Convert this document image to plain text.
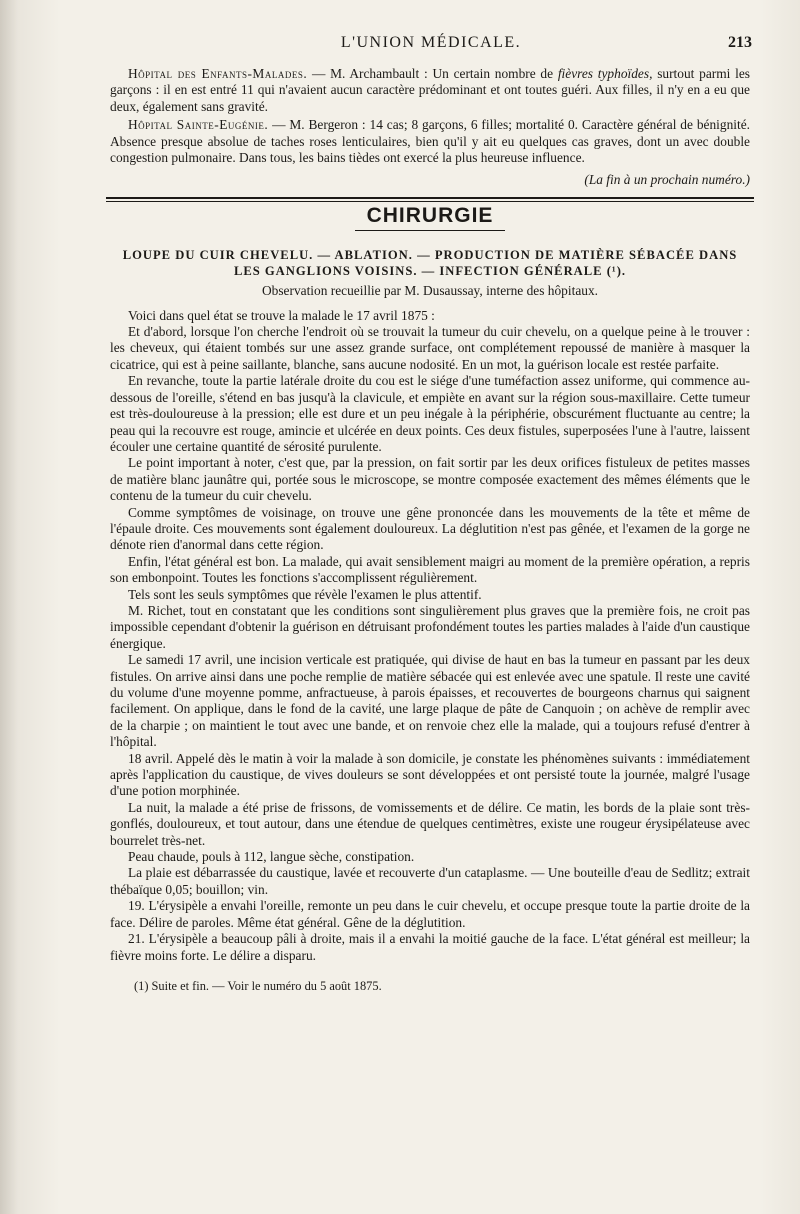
L'UNION MÉDICALE.	213

Hôpital des Enfants-Malades. — M. Archambault : Un certain nombre de fièvres typhoïdes, surtout parmi les garçons : il en est entré 11 qui n'avaient aucun caractère prédominant et ont toutes guéri. Aux filles, il n'y en a eu que deux, également sans gravité.

Hôpital Sainte-Eugénie. — M. Bergeron : 14 cas; 8 garçons, 6 filles; mortalité 0. Caractère général de bénignité. Absence presque absolue de taches roses lenticulaires, bien qu'il y ait eu quelques cas graves, dont un avec double congestion pulmonaire. Dans tous, les bains tièdes ont exercé la plus heureuse influence.

(La fin à un prochain numéro.)

CHIRURGIE
LOUPE DU CUIR CHEVELU. — ABLATION. — PRODUCTION DE MATIÈRE SÉBACÉE DANS
LES GANGLIONS VOISINS. — INFECTION GÉNÉRALE (¹).

Observation recueillie par M. Dusaussay, interne des hôpitaux.

Voici dans quel état se trouve la malade le 17 avril 1875 :

Et d'abord, lorsque l'on cherche l'endroit où se trouvait la tumeur du cuir chevelu, on a quelque peine à le trouver : les cheveux, qui étaient tombés sur une assez grande surface, ont complétement repoussé de manière à masquer la cicatrice, qui est à peine saillante, blanche, sans aucune nodosité. En un mot, la guérison locale est restée parfaite.

En revanche, toute la partie latérale droite du cou est le siége d'une tuméfaction assez uniforme, qui commence au-dessous de l'oreille, s'étend en bas jusqu'à la clavicule, et empiète en avant sur la région sous-maxillaire. Cette tumeur est très-douloureuse à la pression; elle est dure et un peu inégale à la périphérie, obscurément fluctuante au centre; la peau qui la recouvre est rouge, amincie et ulcérée en deux points. Ces deux fistules, superposées l'une à l'autre, laissent écouler une certaine quantité de sérosité purulente.

Le point important à noter, c'est que, par la pression, on fait sortir par les deux orifices fistuleux de petites masses de matière blanc jaunâtre qui, portée sous le microscope, se montre composée exactement des mêmes éléments que le contenu de la tumeur du cuir chevelu.

Comme symptômes de voisinage, on trouve une gêne prononcée dans les mouvements de la tête et même de l'épaule droite. Ces mouvements sont également douloureux. La déglutition n'est pas gênée, et l'examen de la gorge ne dénote rien d'anormal dans cette région.

Enfin, l'état général est bon. La malade, qui avait sensiblement maigri au moment de la première opération, a repris son embonpoint. Toutes les fonctions s'accomplissent régulièrement.

Tels sont les seuls symptômes que révèle l'examen le plus attentif.

M. Richet, tout en constatant que les conditions sont singulièrement plus graves que la première fois, ne croit pas impossible cependant d'obtenir la guérison en détruisant profondément toutes les parties malades à l'aide d'un caustique énergique.

Le samedi 17 avril, une incision verticale est pratiquée, qui divise de haut en bas la tumeur en passant par les deux fistules. On arrive ainsi dans une poche remplie de matière sébacée qui est enlevée avec une spatule. Il reste une cavité du volume d'une moyenne pomme, anfractueuse, à parois épaisses, et recouvertes de bourgeons charnus qui saignent facilement. On applique, dans le fond de la cavité, une large plaque de pâte de Canquoin ; on achève de remplir avec de la charpie ; on maintient le tout avec une bande, et on renvoie chez elle la malade, qui a toujours refusé d'entrer à l'hôpital.

18 avril. Appelé dès le matin à voir la malade à son domicile, je constate les phénomènes suivants : immédiatement après l'application du caustique, de vives douleurs se sont développées et ont persisté toute la journée, malgré l'usage d'une potion morphinée.

La nuit, la malade a été prise de frissons, de vomissements et de délire. Ce matin, les bords de la plaie sont très-gonflés, douloureux, et tout autour, dans une étendue de quelques centimètres, existe une rougeur érysipélateuse avec bourrelet très-net.

Peau chaude, pouls à 112, langue sèche, constipation.

La plaie est débarrassée du caustique, lavée et recouverte d'un cataplasme. — Une bouteille d'eau de Sedlitz; extrait thébaïque 0,05; bouillon; vin.

19. L'érysipèle a envahi l'oreille, remonte un peu dans le cuir chevelu, et occupe presque toute la partie droite de la face. Délire de paroles. Même état général. Gêne de la déglutition.

21. L'érysipèle a beaucoup pâli à droite, mais il a envahi la moitié gauche de la face. L'état général est meilleur; la fièvre moins forte. Le délire a disparu.

(1) Suite et fin. — Voir le numéro du 5 août 1875.
